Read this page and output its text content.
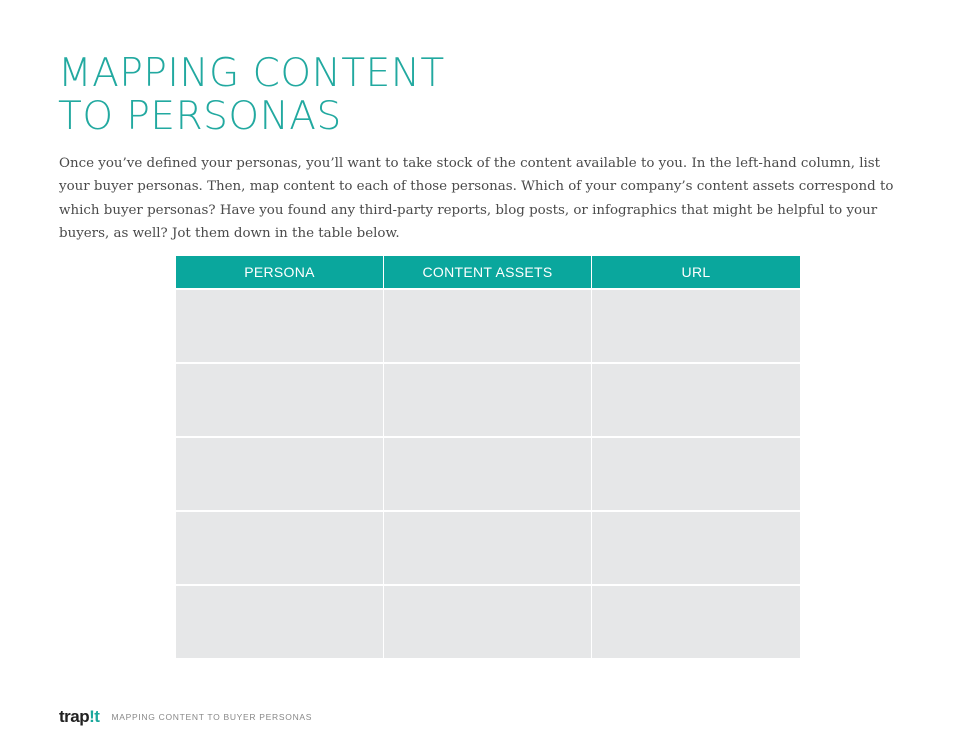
MAPPING CONTENT
TO PERSONAS

Once you’ve defined your personas, you’ll want to take stock of the content available to you. In the left-hand column, list your buyer personas. Then, map content to each of those personas. Which of your company’s content assets correspond to which buyer personas? Have you found any third-party reports, blog posts, or infographics that might be helpful to your buyers, as well? Jot them down in the table below.

PERSONA	CONTENT ASSETS	URL
trap!t MAPPING CONTENT TO BUYER PERSONAS
